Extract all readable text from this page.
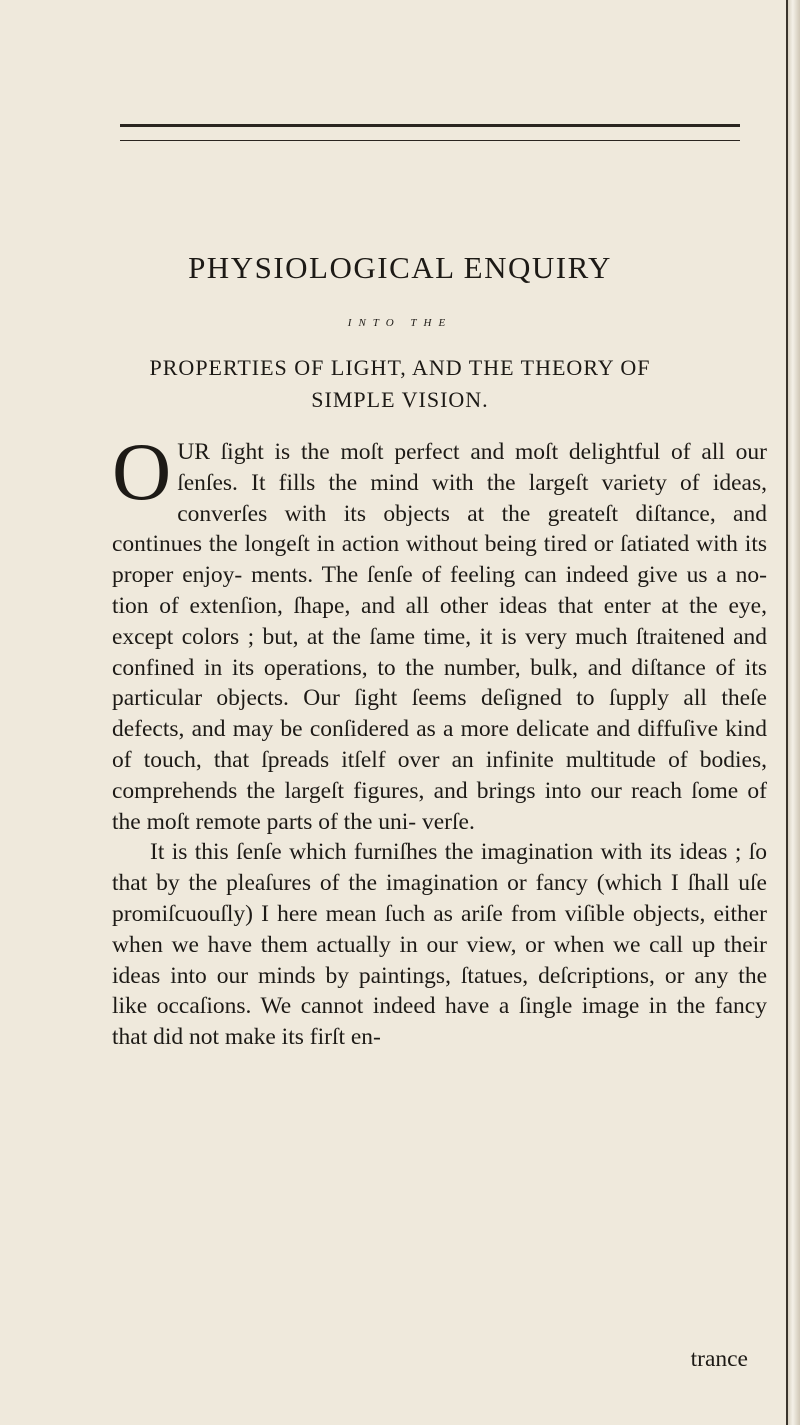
PHYSIOLOGICAL ENQUIRY
INTO THE
PROPERTIES OF LIGHT, AND THE THEORY OF
SIMPLE VISION.

OUR ſight is the moſt perfect and moſt delightful of all our ſenſes. It fills the mind with the largeſt variety of ideas, converſes with its objects at the greateſt diſtance, and continues the longeſt in action without being tired or ſatiated with its proper enjoy- ments. The ſenſe of feeling can indeed give us a no- tion of extenſion, ſhape, and all other ideas that enter at the eye, except colors ; but, at the ſame time, it is very much ſtraitened and confined in its operations, to the number, bulk, and diſtance of its particular objects. Our ſight ſeems deſigned to ſupply all theſe defects, and may be conſidered as a more delicate and diffuſive kind of touch, that ſpreads itſelf over an infinite multitude of bodies, comprehends the largeſt figures, and brings into our reach ſome of the moſt remote parts of the uni- verſe.

It is this ſenſe which furniſhes the imagination with its ideas ; ſo that by the pleaſures of the imagination or fancy (which I ſhall uſe promiſcuouſly) I here mean ſuch as ariſe from viſible objects, either when we have them actually in our view, or when we call up their ideas into our minds by paintings, ſtatues, deſcriptions, or any the like occaſions. We cannot indeed have a ſingle image in the fancy that did not make its firſt en-

trance
